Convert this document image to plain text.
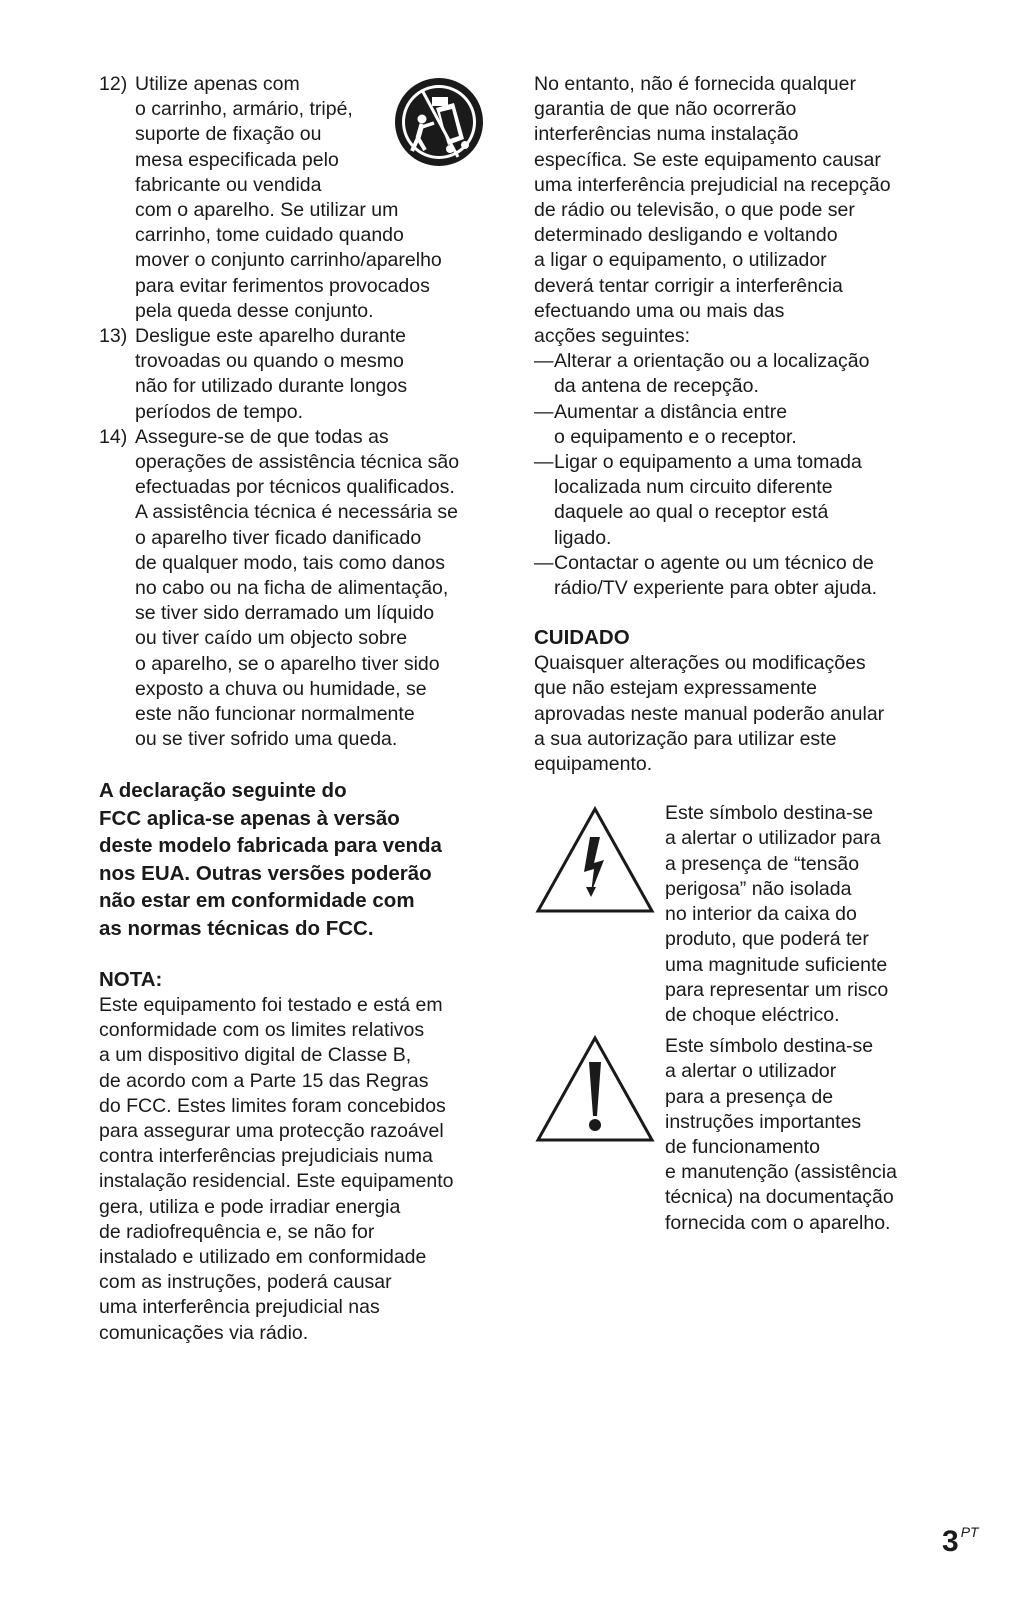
12) Utilize apenas com
o carrinho, armário, tripé,
suporte de fixação ou
mesa especificada pelo
fabricante ou vendida
com o aparelho. Se utilizar um
carrinho, tome cuidado quando
mover o conjunto carrinho/aparelho
para evitar ferimentos provocados
pela queda desse conjunto.
13) Desligue este aparelho durante
trovoadas ou quando o mesmo
não for utilizado durante longos
períodos de tempo.
14) Assegure-se de que todas as
operações de assistência técnica são
efectuadas por técnicos qualificados.
A assistência técnica é necessária se
o aparelho tiver ficado danificado
de qualquer modo, tais como danos
no cabo ou na ficha de alimentação,
se tiver sido derramado um líquido
ou tiver caído um objecto sobre
o aparelho, se o aparelho tiver sido
exposto a chuva ou humidade, se
este não funcionar normalmente
ou se tiver sofrido uma queda.
A declaração seguinte do
FCC aplica-se apenas à versão
deste modelo fabricada para venda
nos EUA. Outras versões poderão
não estar em conformidade com
as normas técnicas do FCC.
NOTA:
Este equipamento foi testado e está em
conformidade com os limites relativos
a um dispositivo digital de Classe B,
de acordo com a Parte 15 das Regras
do FCC. Estes limites foram concebidos
para assegurar uma protecção razoável
contra interferências prejudiciais numa
instalação residencial. Este equipamento
gera, utiliza e pode irradiar energia
de radiofrequência e, se não for
instalado e utilizado em conformidade
com as instruções, poderá causar
uma interferência prejudicial nas
comunicações via rádio.
No entanto, não é fornecida qualquer
garantia de que não ocorrerão
interferências numa instalação
específica. Se este equipamento causar
uma interferência prejudicial na recepção
de rádio ou televisão, o que pode ser
determinado desligando e voltando
a ligar o equipamento, o utilizador
deverá tentar corrigir a interferência
efectuando uma ou mais das
acções seguintes:
— Alterar a orientação ou a localização
da antena de recepção.
— Aumentar a distância entre
o equipamento e o receptor.
— Ligar o equipamento a uma tomada
localizada num circuito diferente
daquele ao qual o receptor está
ligado.
— Contactar o agente ou um técnico de
rádio/TV experiente para obter ajuda.
CUIDADO
Quaisquer alterações ou modificações
que não estejam expressamente
aprovadas neste manual poderão anular
a sua autorização para utilizar este
equipamento.
Este símbolo destina-se
a alertar o utilizador para
a presença de “tensão
perigosa” não isolada
no interior da caixa do
produto, que poderá ter
uma magnitude suficiente
para representar um risco
de choque eléctrico.
Este símbolo destina-se
a alertar o utilizador
para a presença de
instruções importantes
de funcionamento
e manutenção (assistência
técnica) na documentação
fornecida com o aparelho.
3 $^{PT}$
